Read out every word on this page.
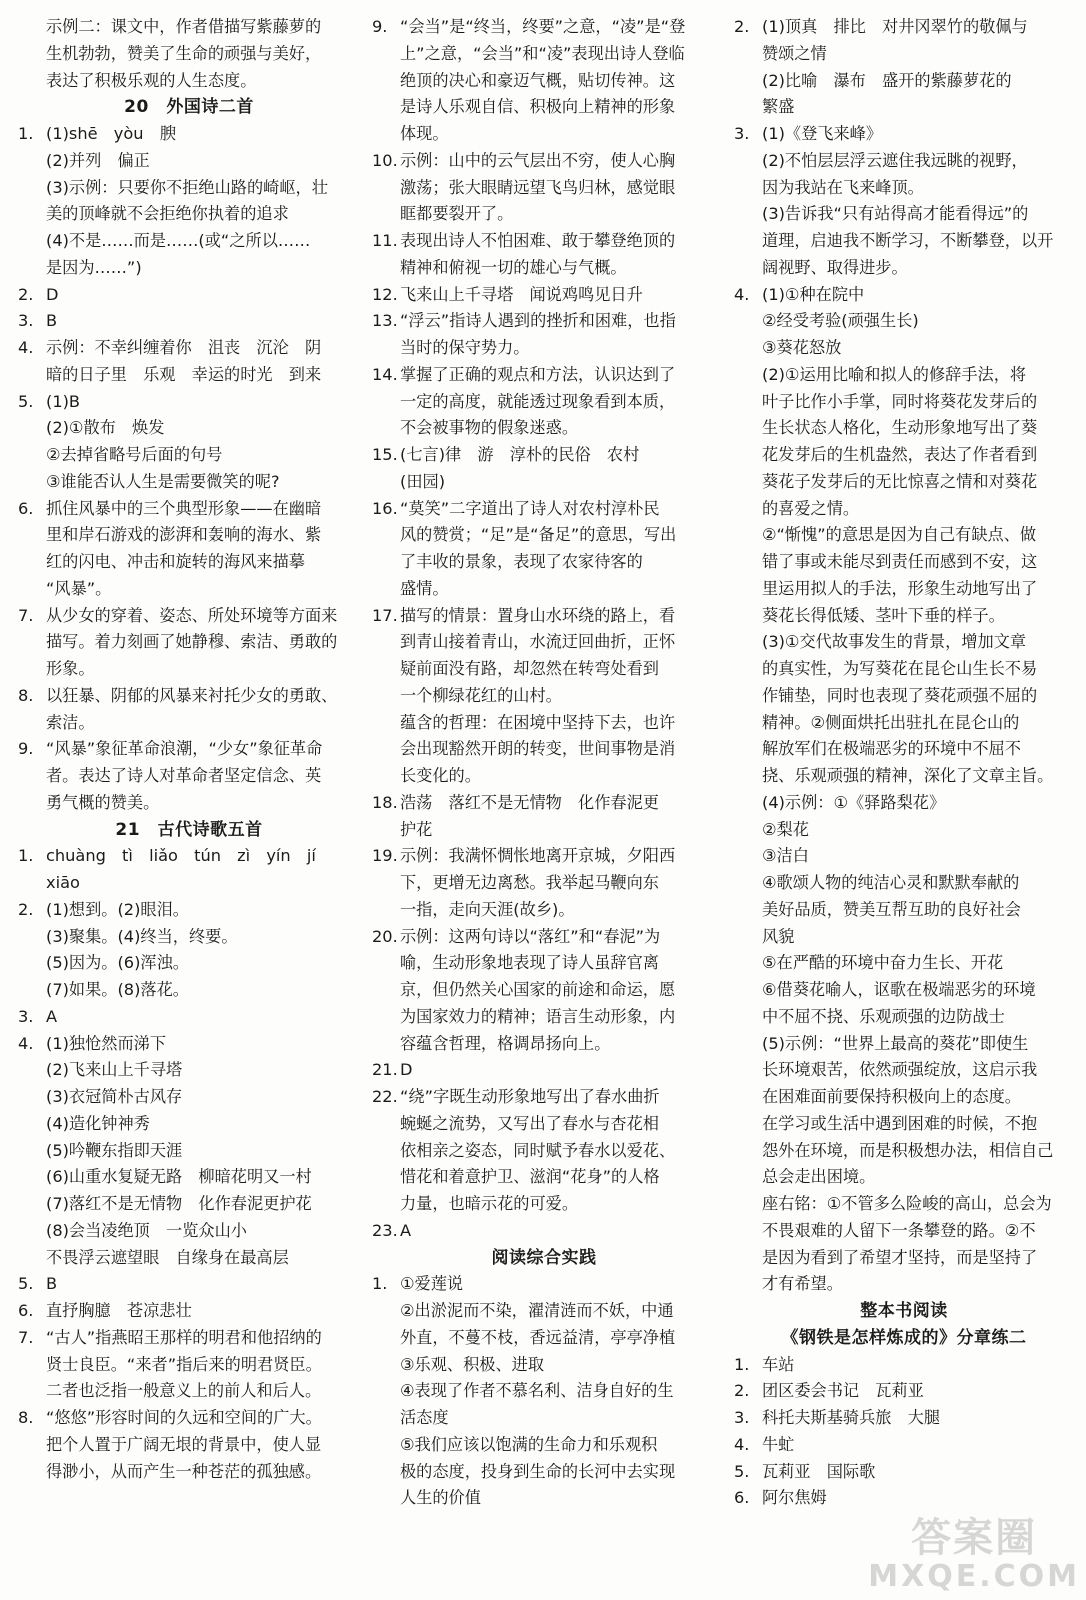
示例二：课文中，作者借描写紫藤萝的
生机勃勃，赞美了生命的顽强与美好，
表达了积极乐观的人生态度。
20　外国诗二首
1. (1)shē　yòu　腴
(2)并列　偏正
(3)示例：只要你不拒绝山路的崎岖，壮
美的顶峰就不会拒绝你执着的追求
(4)不是……而是……(或“之所以……
是因为……”)
2. D
3. B
4. 示例：不幸纠缠着你　沮丧　沉沦　阴
暗的日子里　乐观　幸运的时光　到来
5. (1)B
(2)①散布　焕发
②去掉省略号后面的句号
③谁能否认人生是需要微笑的呢?
6. 抓住风暴中的三个典型形象——在幽暗
里和岸石游戏的澎湃和轰响的海水、紫
红的闪电、冲击和旋转的海风来描摹
“风暴”。
7. 从少女的穿着、姿态、所处环境等方面来
描写。着力刻画了她静穆、索洁、勇敢的
形象。
8. 以狂暴、阴郁的风暴来衬托少女的勇敢、
索洁。
9. “风暴”象征革命浪潮，“少女”象征革命
者。表达了诗人对革命者坚定信念、英
勇气概的赞美。
21　古代诗歌五首
1. chuàng　tì　liǎo　tún　zì　yín　jí
xiāo
2. (1)想到。(2)眼泪。
(3)聚集。(4)终当，终要。
(5)因为。(6)浑浊。
(7)如果。(8)落花。
3. A
4. (1)独怆然而涕下
(2)飞来山上千寻塔
(3)衣冠简朴古风存
(4)造化钟神秀
(5)吟鞭东指即天涯
(6)山重水复疑无路　柳暗花明又一村
(7)落红不是无情物　化作春泥更护花
(8)会当凌绝顶　一览众山小
不畏浮云遮望眼　自缘身在最高层
5. B
6. 直抒胸臆　苍凉悲壮
7. “古人”指燕昭王那样的明君和他招纳的
贤士良臣。“来者”指后来的明君贤臣。
二者也泛指一般意义上的前人和后人。
8. “悠悠”形容时间的久远和空间的广大。
把个人置于广阔无垠的背景中，使人显
得渺小，从而产生一种苍茫的孤独感。
9. “会当”是“终当，终要”之意，“凌”是“登
上”之意，“会当”和“凌”表现出诗人登临
绝顶的决心和豪迈气概，贴切传神。这
是诗人乐观自信、积极向上精神的形象
体现。
10. 示例：山中的云气层出不穷，使人心胸
激荡；张大眼睛远望飞鸟归林，感觉眼
眶都要裂开了。
11. 表现出诗人不怕困难、敢于攀登绝顶的
精神和俯视一切的雄心与气概。
12. 飞来山上千寻塔　闻说鸡鸣见日升
13. “浮云”指诗人遇到的挫折和困难，也指
当时的保守势力。
14. 掌握了正确的观点和方法，认识达到了
一定的高度，就能透过现象看到本质，
不会被事物的假象迷惑。
15. (七言)律　游　淳朴的民俗　农村
(田园)
16. “莫笑”二字道出了诗人对农村淳朴民
风的赞赏；“足”是“备足”的意思，写出
了丰收的景象，表现了农家待客的
盛情。
17. 描写的情景：置身山水环绕的路上，看
到青山接着青山，水流迂回曲折，正怀
疑前面没有路，却忽然在转弯处看到
一个柳绿花红的山村。
蕴含的哲理：在困境中坚持下去，也许
会出现豁然开朗的转变，世间事物是消
长变化的。
18. 浩荡　落红不是无情物　化作春泥更
护花
19. 示例：我满怀惆怅地离开京城，夕阳西
下，更增无边离愁。我举起马鞭向东
一指，走向天涯(故乡)。
20. 示例：这两句诗以“落红”和“春泥”为
喻，生动形象地表现了诗人虽辞官离
京，但仍然关心国家的前途和命运，愿
为国家效力的精神；语言生动形象，内
容蕴含哲理，格调昂扬向上。
21. D
22. “绕”字既生动形象地写出了春水曲折
蜿蜒之流势，又写出了春水与杏花相
依相亲之姿态，同时赋予春水以爱花、
惜花和着意护卫、滋润“花身”的人格
力量，也暗示花的可爱。
23. A
阅读综合实践
1. ①爱莲说
②出淤泥而不染，濯清涟而不妖，中通
外直，不蔓不枝，香远益清，亭亭净植
③乐观、积极、进取
④表现了作者不慕名利、洁身自好的生
活态度
⑤我们应该以饱满的生命力和乐观积
极的态度，投身到生命的长河中去实现
人生的价值
2. (1)顶真　排比　对井冈翠竹的敬佩与
赞颂之情
(2)比喻　瀑布　盛开的紫藤萝花的
繁盛
3. (1)《登飞来峰》
(2)不怕层层浮云遮住我远眺的视野，
因为我站在飞来峰顶。
(3)告诉我“只有站得高才能看得远”的
道理，启迪我不断学习，不断攀登，以开
阔视野、取得进步。
4. (1)①种在院中
②经受考验(顽强生长)
③葵花怒放
(2)①运用比喻和拟人的修辞手法，将
叶子比作小手掌，同时将葵花发芽后的
生长状态人格化，生动形象地写出了葵
花发芽后的生机盎然，表达了作者看到
葵花子发芽后的无比惊喜之情和对葵花
的喜爱之情。
②“惭愧”的意思是因为自己有缺点、做
错了事或未能尽到责任而感到不安，这
里运用拟人的手法，形象生动地写出了
葵花长得低矮、茎叶下垂的样子。
(3)①交代故事发生的背景，增加文章
的真实性，为写葵花在昆仑山生长不易
作铺垫，同时也表现了葵花顽强不屈的
精神。②侧面烘托出驻扎在昆仑山的
解放军们在极端恶劣的环境中不屈不
挠、乐观顽强的精神，深化了文章主旨。
(4)示例：①《驿路梨花》
②梨花
③洁白
④歌颂人物的纯洁心灵和默默奉献的
美好品质，赞美互帮互助的良好社会
风貌
⑤在严酷的环境中奋力生长、开花
⑥借葵花喻人，讴歌在极端恶劣的环境
中不屈不挠、乐观顽强的边防战士
(5)示例：“世界上最高的葵花”即使生
长环境艰苦，依然顽强绽放，这启示我
在困难面前要保持积极向上的态度。
在学习或生活中遇到困难的时候，不抱
怨外在环境，而是积极想办法，相信自己
总会走出困境。
座右铭：①不管多么险峻的高山，总会为
不畏艰难的人留下一条攀登的路。②不
是因为看到了希望才坚持，而是坚持了
才有希望。
整本书阅读
《钢铁是怎样炼成的》分章练二
1. 车站
2. 团区委会书记　瓦莉亚
3. 科托夫斯基骑兵旅　大腿
4. 牛虻
5. 瓦莉亚　国际歌
6. 阿尔焦姆
答案圈
MXQE.COM
